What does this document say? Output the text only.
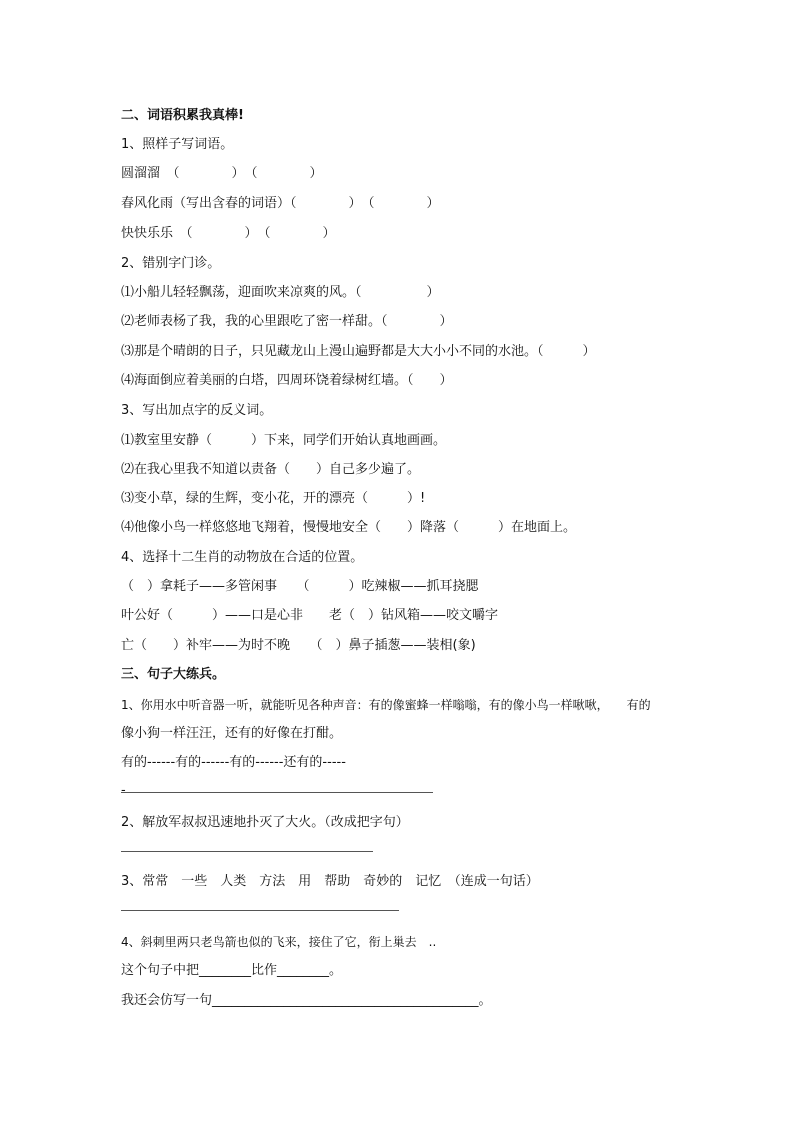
二、词语积累我真棒!
1、照样子写词语。
圆溜溜　（　　　　）　（　　　　）
春风化雨（写出含春的词语）（　　　　）　（　　　　）
快快乐乐　（　　　　）　（　　　　）
2、错别字门诊。
⑴小船儿轻轻飘荡，迎面吹来凉爽的风。（　　　　　）
⑵老师表杨了我，我的心里跟吃了密一样甜。（　　　　）
⑶那是个晴朗的日子，只见藏龙山上漫山遍野都是大大小小不同的水池。（　　　）
⑷海面倒应着美丽的白塔，四周环饶着绿树红墙。（　　）
3、写出加点字的反义词。
⑴教室里安静（　　　）下来，同学们开始认真地画画。
⑵在我心里我不知道以责备（　　）自己多少遍了。
⑶变小草，绿的生辉，变小花，开的漂亮（　　　）!
⑷他像小鸟一样悠悠地飞翔着，慢慢地安全（　　）降落（　　　）在地面上。
4、选择十二生肖的动物放在合适的位置。
（　）拿耗子——多管闲事　　（　　　）吃辣椒——抓耳挠腮
叶公好（　　　）——口是心非　　老（　）钻风箱——咬文嚼字
亡（　　）补牢——为时不晚　　（　）鼻子插葱——装相(象)
三、句子大练兵。
1、你用水中听音器一听，就能听见各种声音：有的像蜜蜂一样嗡嗡，有的像小鸟一样啾啾，　　有的
像小狗一样汪汪，还有的好像在打酣。
有的------有的------有的------还有的-----
-
2、解放军叔叔迅速地扑灭了大火。（改成把字句）
3、常常　一些　人类　方法　用　帮助　奇妙的　记忆　（连成一句话）
4、斜刺里两只老鸟箭也似的飞来，接住了它，衔上巢去　..
这个句子中把________比作________。
我还会仿写一句_________________________________________。
